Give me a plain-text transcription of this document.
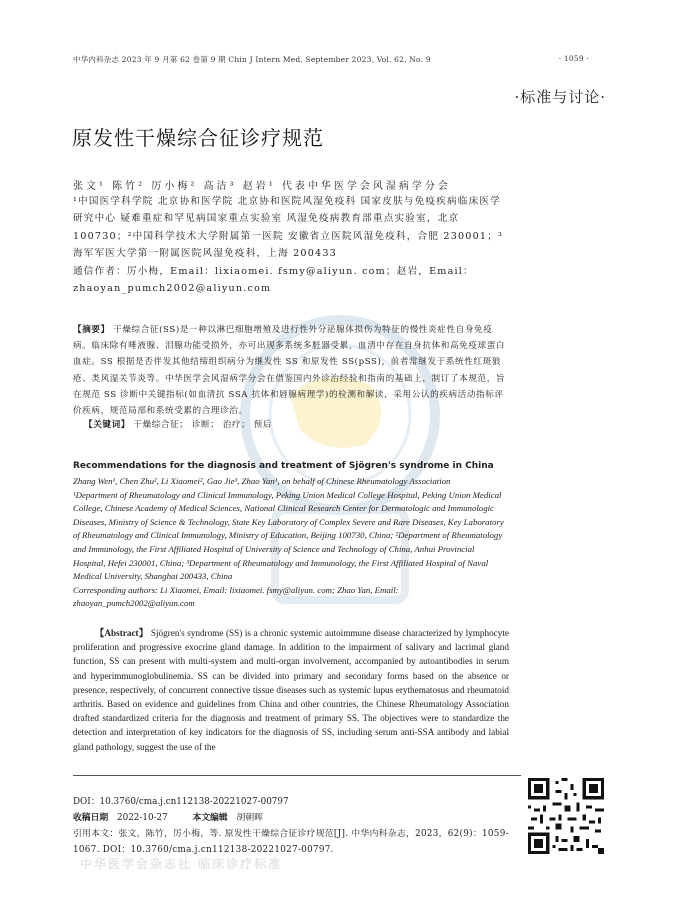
中华内科杂志 2023 年 9 月第 62 卷第 9 期 Chin J Intern Med, September 2023, Vol. 62, No. 9	· 1059 ·
·标准与讨论·
原发性干燥综合征诊疗规范
张文¹ 陈竹² 厉小梅² 高洁³ 赵岩¹ 代表中华医学会风湿病学分会
¹中国医学科学院 北京协和医学院 北京协和医院风湿免疫科 国家皮肤与免疫疾病临床医学研究中心 疑难重症和罕见病国家重点实验室 风湿免疫病教育部重点实验室，北京 100730；²中国科学技术大学附属第一医院 安徽省立医院风湿免疫科，合肥 230001；³海军军医大学第一附属医院风湿免疫科，上海 200433
通信作者：厉小梅，Email：lixiaomei. fsmy@aliyun. com；赵岩，Email：zhaoyan_pumch2002@aliyun.com

【摘要】 干燥综合征(SS)是一种以淋巴细胞增殖及进行性外分泌腺体损伤为特征的慢性炎症性自身免疫病。临床除有唾液腺、泪腺功能受损外，亦可出现多系统多脏器受累，血清中存在自身抗体和高免疫球蛋白血症。SS 根据是否伴发其他结缔组织病分为继发性 SS 和原发性 SS(pSS)，前者常继发于系统性红斑狼疮、类风湿关节炎等。中华医学会风湿病学分会在借鉴国内外诊治经验和指南的基础上，制订了本规范，旨在规范 SS 诊断中关键指标(如血清抗 SSA 抗体和唇腺病理学)的检测和解读，采用公认的疾病活动指标评价疾病，规范局部和系统受累的合理诊治。

【关键词】 干燥综合征； 诊断； 治疗； 预后
Recommendations for the diagnosis and treatment of Sjögren's syndrome in China

Zhang Wen¹, Chen Zhu², Li Xiaomei², Gao Jie³, Zhao Yan¹, on behalf of Chinese Rheumatology Association
¹Department of Rheumatology and Clinical Immunology, Peking Union Medical College Hospital, Peking Union Medical College, Chinese Academy of Medical Sciences, National Clinical Research Center for Dermatologic and Immunologic Diseases, Ministry of Science & Technology, State Key Laboratory of Complex Severe and Rare Diseases, Key Laboratory of Rheumatology and Clinical Immunology, Ministry of Education, Beijing 100730, China; ²Department of Rheumatology and Immunology, the First Affiliated Hospital of University of Science and Technology of China, Anhui Provincial Hospital, Hefei 230001, China; ³Department of Rheumatology and Immunology, the First Affiliated Hospital of Naval Medical University, Shanghai 200433, China
Corresponding authors: Li Xiaomei, Email: lixiaomei. fsmy@aliyun. com; Zhao Yan, Email: zhaoyan_pumch2002@aliyun.com

【Abstract】 Sjögren's syndrome (SS) is a chronic systemic autoimmune disease characterized by lymphocyte proliferation and progressive exocrine gland damage. In addition to the impairment of salivary and lacrimal gland function, SS can present with multi-system and multi-organ involvement, accompanied by autoantibodies in serum and hyperimmunoglobulinemia. SS can be divided into primary and secondary forms based on the absence or presence, respectively, of concurrent connective tissue diseases such as systemic lupus erythematosus and rheumatoid arthritis. Based on evidence and guidelines from China and other countries, the Chinese Rheumatology Association drafted standardized criteria for the diagnosis and treatment of primary SS. The objectives were to standardize the detection and interpretation of key indicators for the diagnosis of SS, including serum anti-SSA antibody and labial gland pathology, suggest the use of the

DOI：10.3760/cma.j.cn112138-20221027-00797
收稿日期 2022-10-27	本文编辑 胡朝晖
引用本文：张文，陈竹，厉小梅，等. 原发性干燥综合征诊疗规范[J]. 中华内科杂志，2023，62(9)：1059-1067. DOI：10.3760/cma.j.cn112138-20221027-00797.
中华医学会杂志社 临床诊疗标准
